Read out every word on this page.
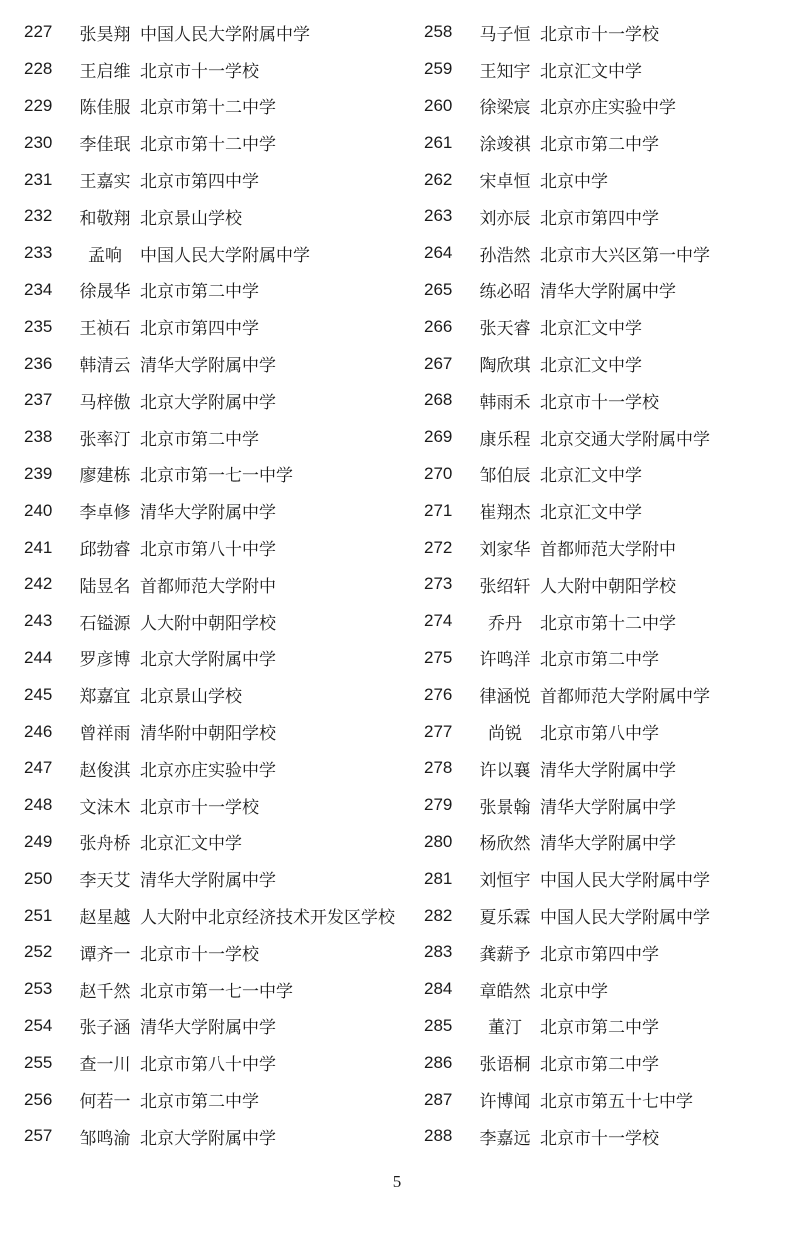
227	张昊翔 中国人民大学附属中学
228	王启维 北京市十一学校
229	陈佳服 北京市第十二中学
230	李佳珉 北京市第十二中学
231	王嘉实 北京市第四中学
232	和敬翔 北京景山学校
233	孟响	中国人民大学附属中学
234	徐晟华 北京市第二中学
235	王祯石 北京市第四中学
236	韩清云 清华大学附属中学
237	马梓傲 北京大学附属中学
238	张率汀 北京市第二中学
239	廖建栋 北京市第一七一中学
240	李卓修 清华大学附属中学
241	邱勃睿 北京市第八十中学
242	陆昱名 首都师范大学附中
243	石镒源 人大附中朝阳学校
244	罗彦博 北京大学附属中学
245	郑嘉宜 北京景山学校
246	曾祥雨 清华附中朝阳学校
247	赵俊淇 北京亦庄实验中学
248	文沫木 北京市十一学校
249	张舟桥 北京汇文中学
250	李天艾 清华大学附属中学
251	赵星越 人大附中北京经济技术开发区学校
252	谭齐一 北京市十一学校
253	赵千然 北京市第一七一中学
254	张子涵 清华大学附属中学
255	查一川 北京市第八十中学
256	何若一 北京市第二中学
257	邹鸣渝 北京大学附属中学
258	马子恒 北京市十一学校
259	王知宇 北京汇文中学
260	徐梁宸 北京亦庄实验中学
261	涂竣祺 北京市第二中学
262	宋卓恒 北京中学
263	刘亦辰 北京市第四中学
264	孙浩然 北京市大兴区第一中学
265	练必昭 清华大学附属中学
266	张天睿 北京汇文中学
267	陶欣琪 北京汇文中学
268	韩雨禾 北京市十一学校
269	康乐程 北京交通大学附属中学
270	邹伯辰 北京汇文中学
271	崔翔杰 北京汇文中学
272	刘家华 首都师范大学附中
273	张绍轩 人大附中朝阳学校
274	乔丹	北京市第十二中学
275	许鸣洋 北京市第二中学
276	律涵悦 首都师范大学附属中学
277	尚锐	北京市第八中学
278	许以襄 清华大学附属中学
279	张景翰 清华大学附属中学
280	杨欣然 清华大学附属中学
281	刘恒宇 中国人民大学附属中学
282	夏乐霖 中国人民大学附属中学
283	龚薪予 北京市第四中学
284	章皓然 北京中学
285	董汀	北京市第二中学
286	张语桐 北京市第二中学
287	许博闻 北京市第五十七中学
288	李嘉远 北京市十一学校
5
